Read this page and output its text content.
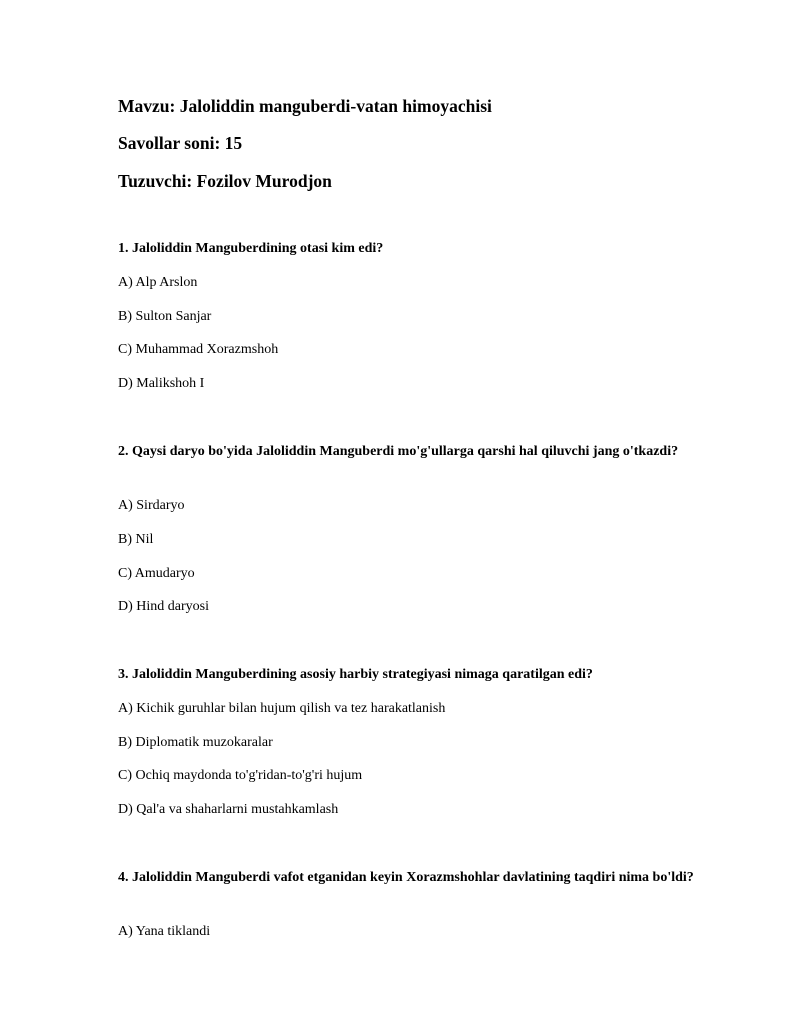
Mavzu: Jaloliddin manguberdi-vatan himoyachisi
Savollar soni: 15
Tuzuvchi: Fozilov Murodjon
1. Jaloliddin Manguberdining otasi kim edi?
A) Alp Arslon
B) Sulton Sanjar
C) Muhammad Xorazmshoh
D) Malikshoh I
2. Qaysi daryo bo'yida Jaloliddin Manguberdi mo'g'ullarga qarshi hal qiluvchi jang o'tkazdi?
A) Sirdaryo
B) Nil
C) Amudaryo
D) Hind daryosi
3. Jaloliddin Manguberdining asosiy harbiy strategiyasi nimaga qaratilgan edi?
A) Kichik guruhlar bilan hujum qilish va tez harakatlanish
B) Diplomatik muzokaralar
C) Ochiq maydonda to'g'ridan-to'g'ri hujum
D) Qal'a va shaharlarni mustahkamlash
4. Jaloliddin Manguberdi vafot etganidan keyin Xorazmshohlar davlatining taqdiri nima bo'ldi?
A) Yana tiklandi
